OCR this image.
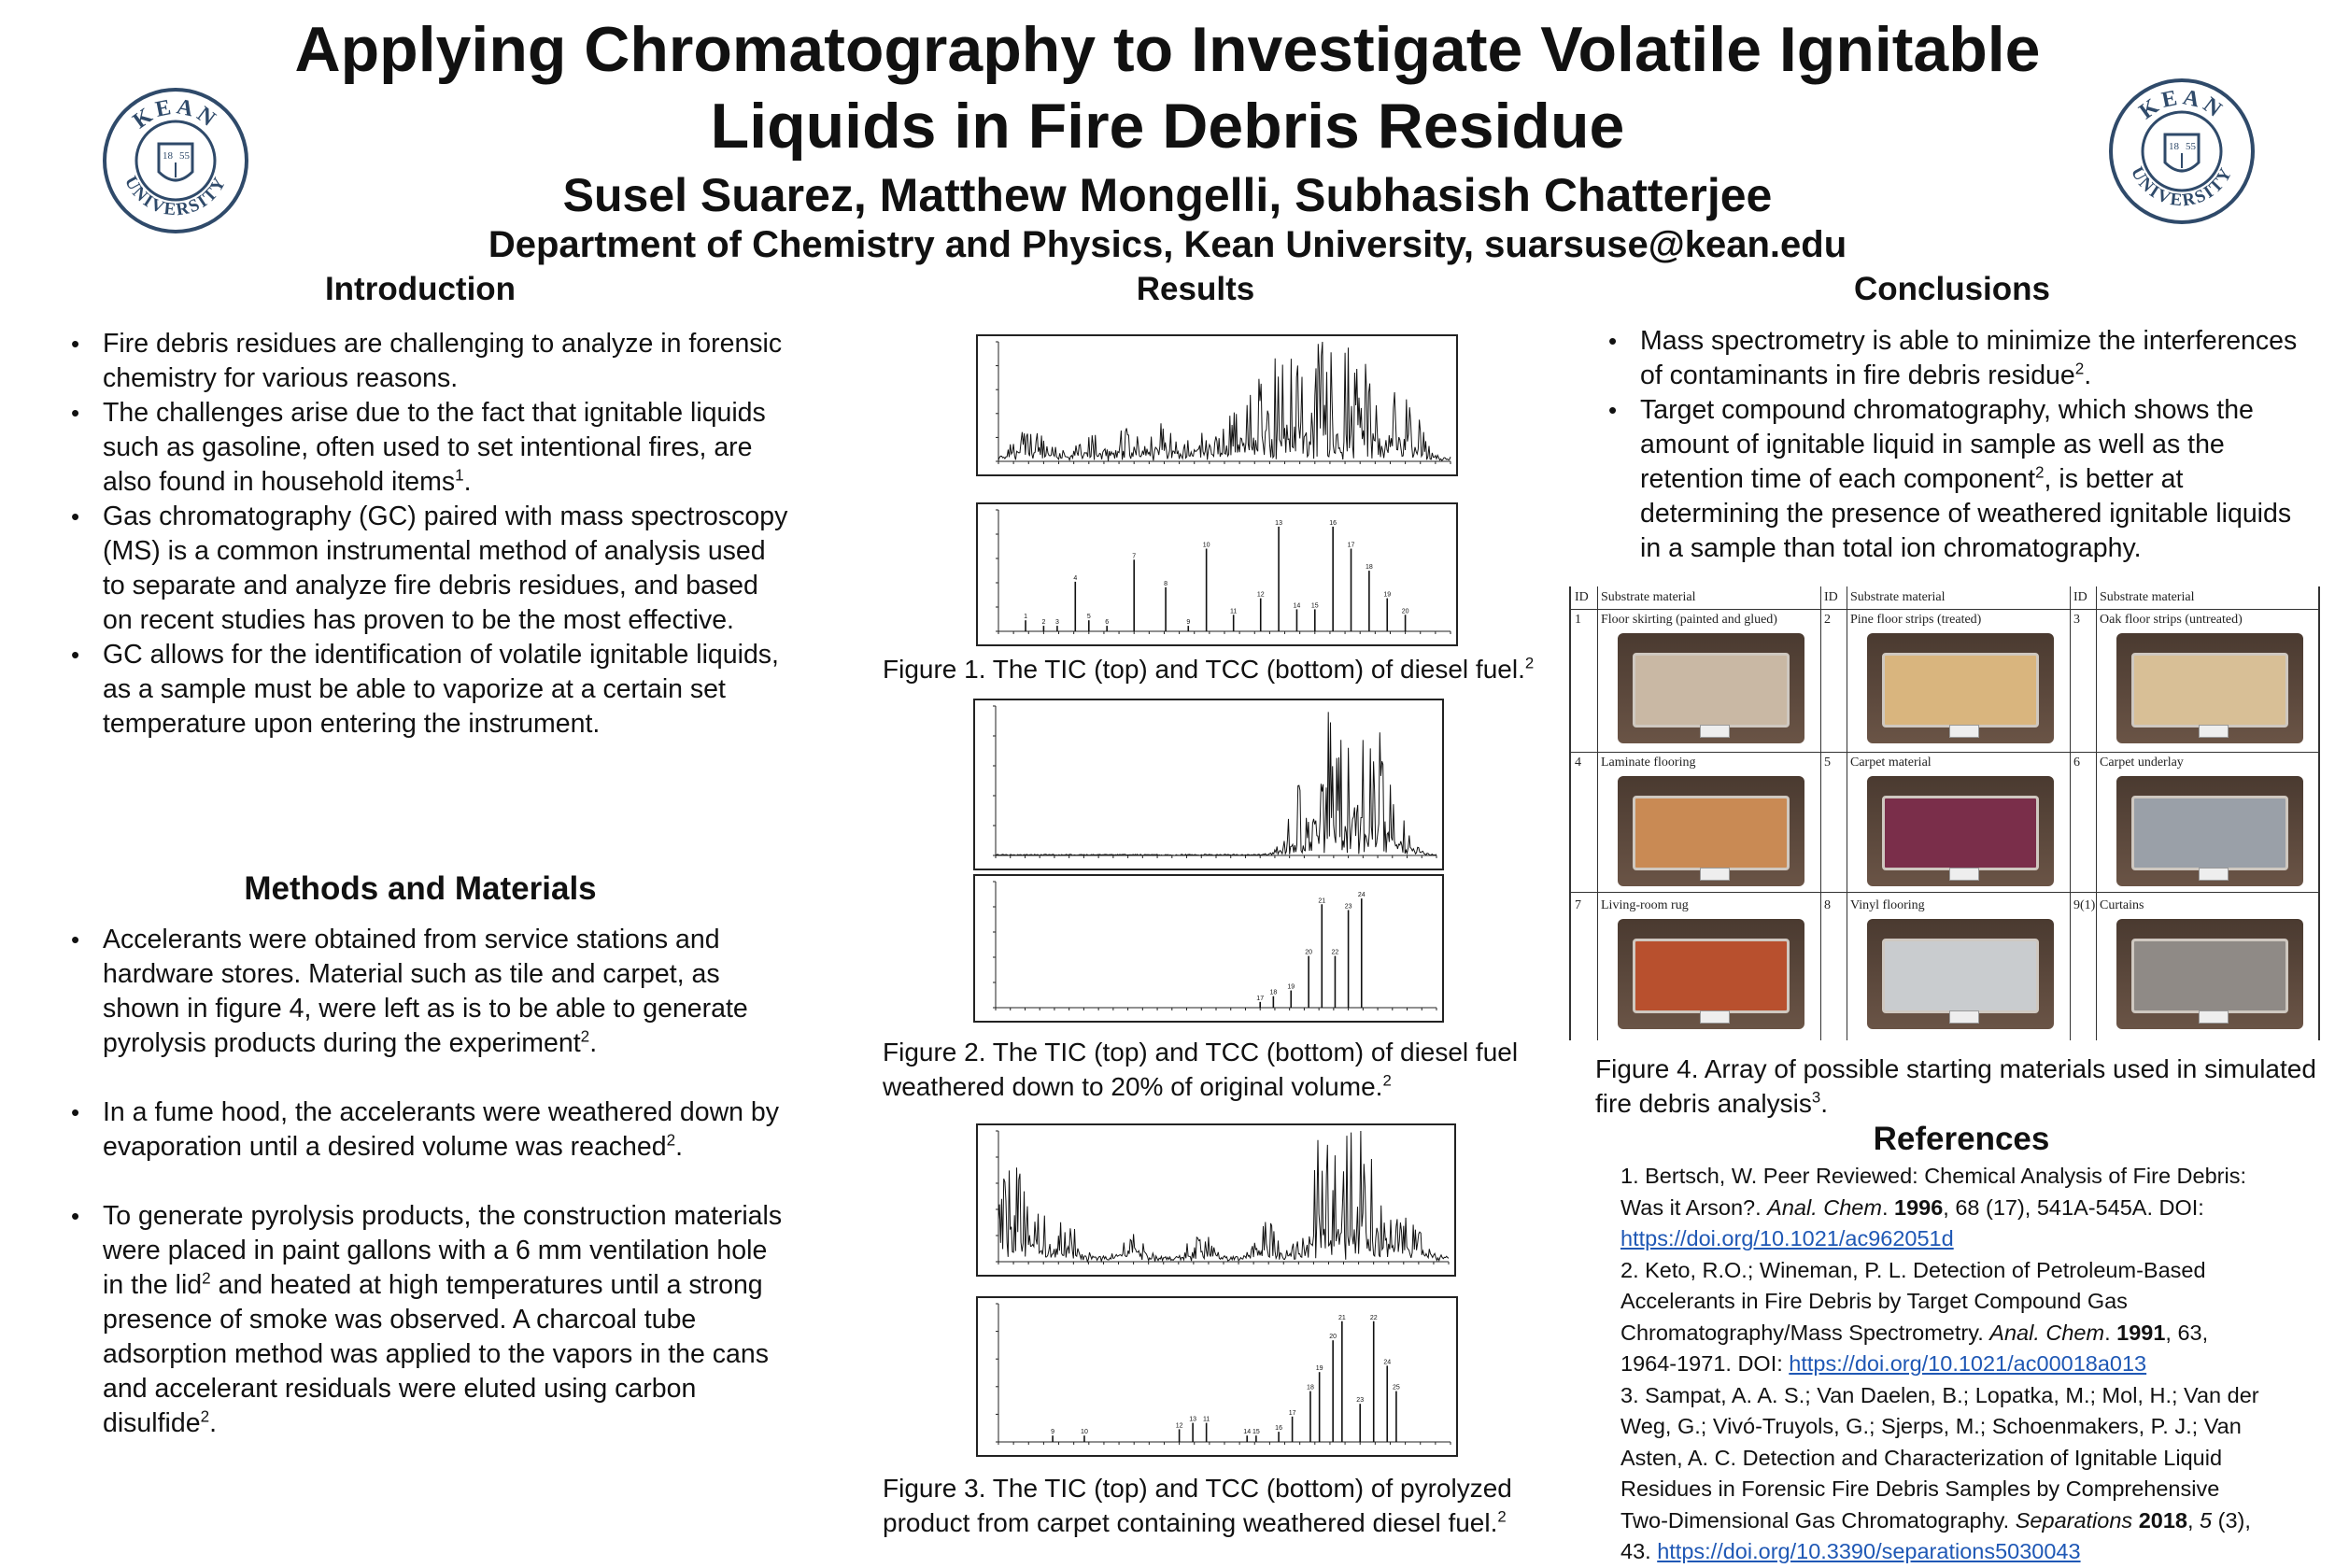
Applying Chromatography to Investigate Volatile Ignitable
Liquids in Fire Debris Residue
Susel Suarez, Matthew Mongelli, Subhasish Chatterjee
Department of Chemistry and Physics, Kean University, suarsuse@kean.edu
KEAN
UNIVERSITY
18 55
KEAN
UNIVERSITY
18 55
Introduction
• Fire debris residues are challenging to analyze in forensic chemistry for various reasons.
• The challenges arise due to the fact that ignitable liquids such as gasoline, often used to set intentional fires, are also found in household items$^1$.
• Gas chromatography (GC) paired with mass spectroscopy (MS) is a common instrumental method of analysis used to separate and analyze fire debris residues, and based on recent studies has proven to be the most effective.
• GC allows for the identification of volatile ignitable liquids, as a sample must be able to vaporize at a certain set temperature upon entering the instrument.
Methods and Materials
• Accelerants were obtained from service stations and hardware stores. Material such as tile and carpet, as shown in figure 4, were left as is to be able to generate pyrolysis products during the experiment$^2$.
• In a fume hood, the accelerants were weathered down by evaporation until a desired volume was reached$^2$.
• To generate pyrolysis products, the construction materials were placed in paint gallons with a 6 mm ventilation hole in the lid$^2$ and heated at high temperatures until a strong presence of smoke was observed. A charcoal tube adsorption method was applied to the vapors in the cans and accelerant residuals were eluted using carbon disulfide$^2$.
Results
1
2 3
4
5
6
7
8
9
10
11
12
13
14 15
16
17
18
19
20
Figure 1. The TIC (top) and TCC (bottom) of diesel fuel.$^2$
17
18
19
20
21
22
23
24
Figure 2. The TIC (top) and TCC (bottom) of diesel fuel
weathered down to 20% of original volume.$^2$
9	10
12
13 11
14 15
16
17
18
19
20
21
23
22
24
25
Figure 3. The TIC (top) and TCC (bottom) of pyrolyzed
product from carpet containing weathered diesel fuel.$^2$
Conclusions
• Mass spectrometry is able to minimize the interferences of contaminants in fire debris residue$^2$.
• Target compound chromatography, which shows the amount of ignitable liquid in sample as well as the retention time of each component$^2$, is better at determining the presence of weathered ignitable liquids in a sample than total ion chromatography.
ID Substrate material	ID Substrate material	ID Substrate material
1 Floor skirting (painted and glued)	2 Pine floor strips (treated)	3 Oak floor strips (untreated)
4 Laminate flooring	5 Carpet material	6 Carpet underlay
7 Living-room rug	8 Vinyl flooring	9(1) Curtains
Figure 4. Array of possible starting materials used in simulated
fire debris analysis$^3$.
References
1. Bertsch, W. Peer Reviewed: Chemical Analysis of Fire Debris:
Was it Arson?. Anal. Chem. 1996, 68 (17), 541A-545A. DOI:
https://doi.org/10.1021/ac962051d
2. Keto, R.O.; Wineman, P. L. Detection of Petroleum-Based
Accelerants in Fire Debris by Target Compound Gas
Chromatography/Mass Spectrometry. Anal. Chem. 1991, 63,
1964-1971. DOI: https://doi.org/10.1021/ac00018a013
3. Sampat, A. A. S.; Van Daelen, B.; Lopatka, M.; Mol, H.; Van der
Weg, G.; Vivó-Truyols, G.; Sjerps, M.; Schoenmakers, P. J.; Van
Asten, A. C. Detection and Characterization of Ignitable Liquid
Residues in Forensic Fire Debris Samples by Comprehensive
Two-Dimensional Gas Chromatography. Separations 2018, 5 (3),
43. https://doi.org/10.3390/separations5030043
